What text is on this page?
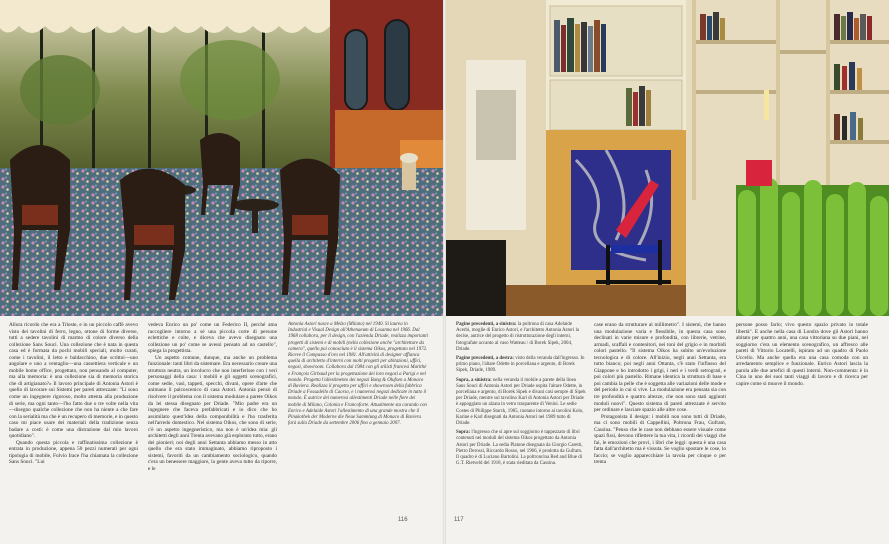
Allora ricordo che era a Trieste, e in un piccolo caffè avevo visto dei tavolini di ferro, legno, ottone di forme diverse, tutti a sedere tavolini di marmo di colore diverso della collezione Sans Souci. Una collezione che è nata in questa casa ed è formata da pochi mobili speciali, molto curati, come i tavolini, il letto e baldacchino, due scrittoi—uno angolare e uno a ventaglio—una cassettiera verticale e un mobile home office, progettato, non pensando al computer, ma alla memoria: è una collezione sia di memoria storica che di artigianato?» Il lavoro principale di Antonia Astori è quello di lavorare sui Sistemi per pareti attrezzate: "Li sono come un ingegnere rigoroso, molto attenta alla produzione di serie, ma ogni tanto—l'ho fatto due o tre volte nella vita—disegno qualche collezione che non ha niente a che fare con la serialità ma che è un recupero di memorie, e in questo caso mi piace usare dei materiali della tradizione senza badare a costi: è come una distrazione dal mio lavoro quotidiano".

Quando questa piccola e raffinatissima collezione è entrata in produzione, appena 50 pezzi numerati per ogni tipologia di mobile, Fulvio Irace l'ha chiamata la collezione Sans Souci. "Lui

vedeva Enrico un po' come un Federico II, perché ama raccogliere intorno a sé una piccola corte di persone eclettiche e colte, e diceva che avevo disegnato una collezione un po' come se avessi pensato ad un castello", spiega la progettista.

Un aspetto comune, dunque, ma anche un problema funzionale: tanti libri da sistemare. Era necessario creare una struttura neutra, un involucro che non interferisse con i veri personaggi della casa: i mobili e gli oggetti scenografici, come sedie, vasi, tappeti, specchi, divani, opere d'arte che animano il palcoscenico di casa Astori. Antonia pensò di risolvere il problema con il sistema modulare a parete Oikos da lei stessa disegnato per Driade. "Mio padre era un ingegnere che faceva prefabbricati e io dico che ho assimilato quest'idea della componibilità e l'ho trasferita nell'arredo domestico. Nel sistema Oikos, che sono di serie, c'è un aspetto ingegneristico, ma non è un'idea mia: gli architetti degli anni Trenta avevano già esplorato tutto, erano dei pionieri; noi degli anni Settanta abbiamo messo in atto quello che era stato immaginato, abbiamo riproposto i sistemi, favoriti da un cambiamento sociologico, quando c'era un benessere maggiore, la gente aveva tutto da riporre, e le

Antonia Astori nasce a Melzo (Milano) nel 1940. Si laurea in Industrial e Visual Design all'Athenaeum di Losanna nel 1966. Dal 1968 collabora, per il design, con l'azienda Driade, realizza importanti progetti di sistemi e di mobili (nella collezione anche "architetture da camera", quello poi conosciuto è il sistema Oikos, progettato nel 1972. Riceve il Compasso d'oro nel 1981. All'attività di designer affianca quella di architetto d'interni con molti progetti per abitazioni, uffici, negozi, showroom. Collabora dal 1984 con gli stilisti francesi Marithé e François Girbaud per la progettazione dei loro negozi a Parigi e nel mondo. Progetta l'allestimento dei negozi Bang & Olufsen a Monaco di Baviera. Realizza il progetto per uffici e showroom della fabbrica Driade a Fossadello di Caorso, e i numerosi negozi dedicate in tutto il mondo. È autrice dei numerosi allestimenti Driade nelle fiere dei mobile di Milano, Colonia e Francoforte. Attualmente sta curando con Enrico e Adelaide Astori l'allestimento di una grande mostra che il Pinakothek der Moderne die Neue Sammlung di Monaco di Baviera farà sulla Driade da settembre 2006 fino a gennaio 2007.

116

Pagine precedenti, a sinistra: la poltrona di casa Adelaide Acerbi, moglie di Enrico Astori, e l'architetto Antonia Astori la decise, autrice del progetto di ristrutturazione degli interni, fotografate accanto al vaso Watteau / di Borek Sipek, 2004, Driade.

Pagine precedenti, a destra: visto della veranda dall'ingresso. In primo piano, l'altare Odette in porcellana e argento, di Borek Sipek, Driade, 1989.

Sopra, a sinistra: nella veranda il mobile a parete della linea Sans Souci di Antonia Astori per Driade ospita l'altare Odette, in porcellana e argento, di Borek Sipek e divani casi sempre di Sipek per Driade, mentre sul tavolino Karl di Antonia Astori per Driade è appoggiato un alzata in vetro trasparente di Venini. Le sedie Costes di Philippe Starck, 1985, ruotano intorno ai tavolini Kolo, Karine e Karl disegnati da Antonia Astori nel 1989 tutto di Driade.

Sopra: l'ingresso che si apre sul soggiorno è tappezzato di libri contenuti nei moduli del sistema Oikos progettato da Antonia Astori per Driade. La sedia Platone disegnata da Giorgio Caretti, Pietro Derossi, Riccardo Rosso, nel 1966, è prodotta da Gufram. Il quadro è di Luciano Bartolini. La poltroncina Red and Blue di G.T. Rietveld del 1918, è stata rieditata da Cassina.

case erano da strutturare al millimetro". I sistemi, che hanno una modulazione varia e flessibile, in questa casa sono declinati in varie misure e profondità, con librerie, vetrine, armadi, scaffali e contenitori, nei toni del grigio e in morbidi colori pastello. "Il sistema Oikos ha subito un'evoluzione tecnologica e di colore. All'inizio, negli anni Settanta, era tutto bianco; poi negli anni Ottanta, c'è stato l'influsso del Giappone e ho introdotto i grigi, i neri e i verdi setrograti, e poi colori più pastello. Rimane identica la struttura di base e poi cambia la pelle che è soggetta alle variazioni delle mode e del periodo in cui si vive. La modulazione era pensata sia con tre profondità e quattro altezze, che non sono stati aggiunti moduli nuovi". Questo sistema di pareti attrezzate è servito per ordinare e lasciare spazio alle altre cose.

Protagonista il design: i mobili non sono tutti di Driade, ma ci sono mobili di Cappellini, Poltrona Frau, Gufram, Cassina. "Penso che le case non debbano essere visuale come spazi fissi, devono riflettere la tua vita, i ricordi dei viaggi che fai, le emozioni che provi, i libri che leggi: questa è una casa fatta dall'architetto ma è vissuta. Se voglio spostare le cose, lo faccio; se voglio apparecchiare la tavola per cinque o per trenta

persone posso farlo; vivo questo spazio privato in totale libertà". E anche nella casa di Londra dove gli Astori hanno abitato per quattro anni, una casa vittoriana su due piani, nel soggiorno c'era un elemento scenografico, un affresco alle pareti di Vittorio Locatelli, ispirato ad un quadro di Paolo Uccello. Ma anche quella era una casa comoda con un arredamento semplice e funzionale. Enrico Astori lascia la parola alle due artefici di questi interni. Non-commenta: è in Cina in uno dei suoi tanti viaggi di lavoro e di ricerca per capire come si muove il mondo.

117
